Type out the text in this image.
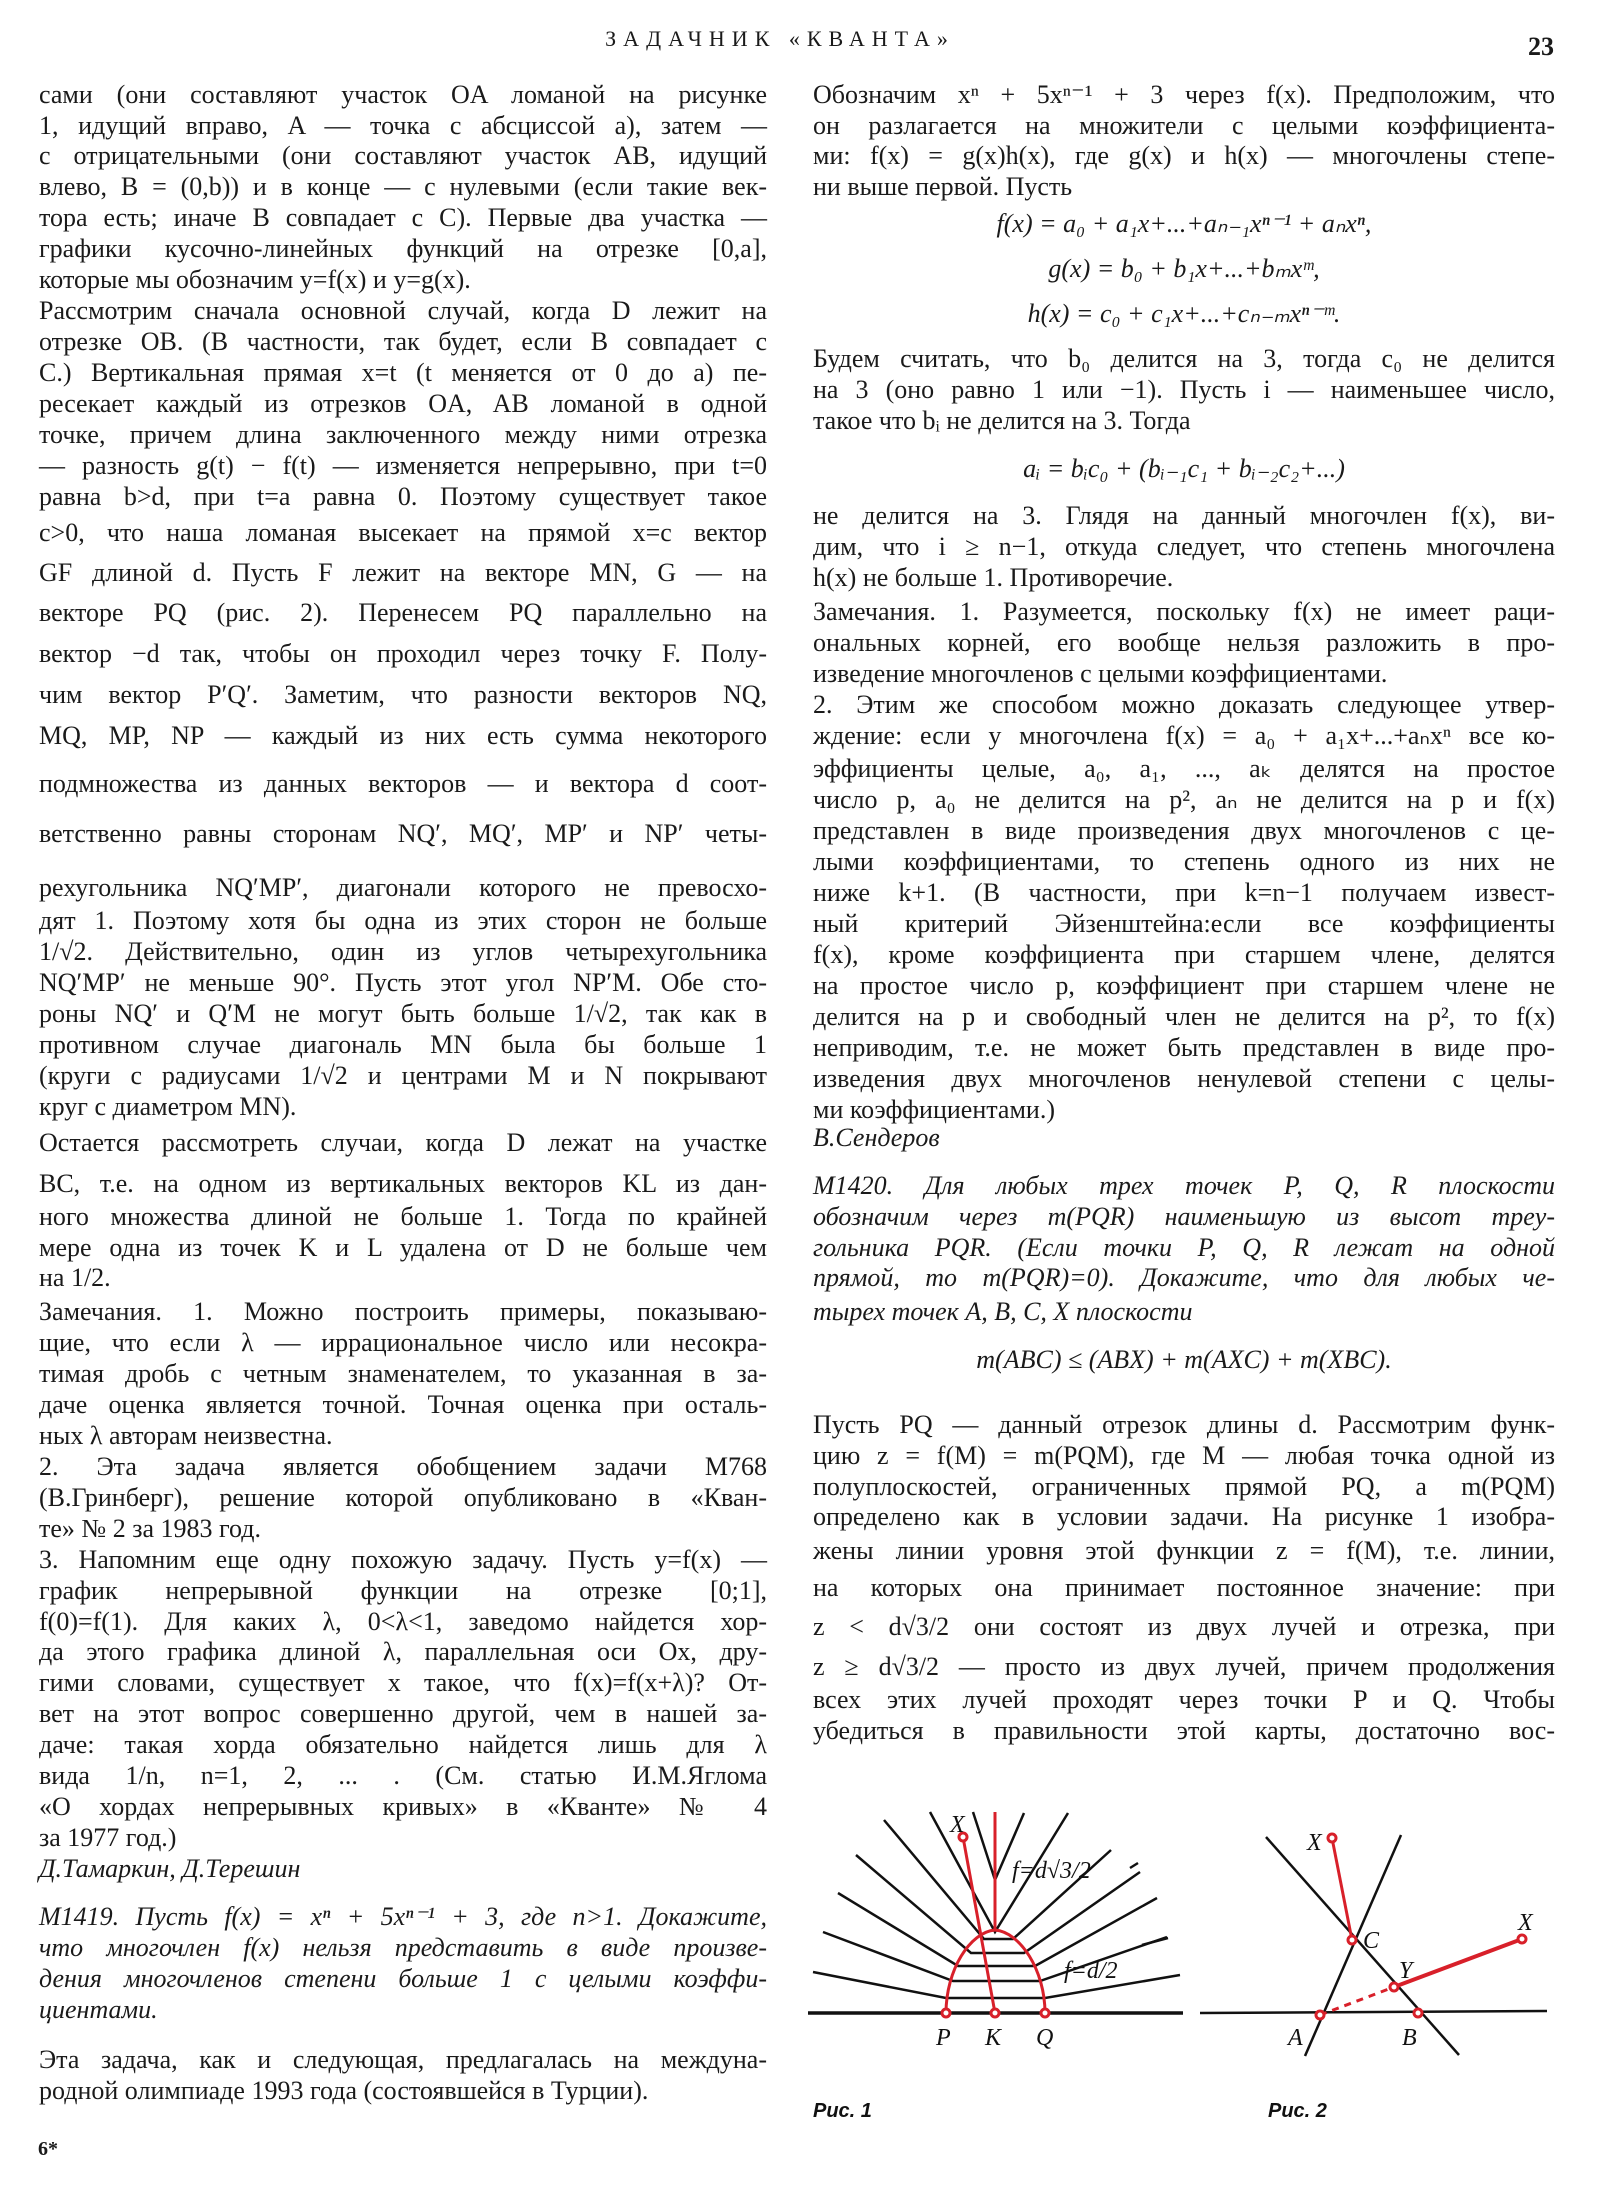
ЗАДАЧНИК «КВАНТА»	23
6*
сами (они составляют участок OA ломаной на рисунке
1, идущий вправо, A — точка с абсциссой a), затем —
с отрицательными (они составляют участок AB, идущий
влево, B = (0,b)) и в конце — с нулевыми (если такие век-
тора есть; иначе B совпадает с C). Первые два участка —
графики кусочно-линейных функций на отрезке [0,a],
которые мы обозначим y=f(x) и y=g(x).
Рассмотрим сначала основной случай, когда D лежит на
отрезке OB. (В частности, так будет, если B совпадает с
C.) Вертикальная прямая x=t (t меняется от 0 до a) пе-
ресекает каждый из отрезков OA, AB ломаной в одной
точке, причем длина заключенного между ними отрезка
— разность g(t) − f(t) — изменяется непрерывно, при t=0
равна b>d, при t=a равна 0. Поэтому существует такое
c>0, что наша ломаная высекает на прямой x=c вектор
GF длиной d. Пусть F лежит на векторе MN, G — на
векторе PQ (рис. 2). Перенесем PQ параллельно на
вектор −d так, чтобы он проходил через точку F. Полу-
чим вектор P′Q′. Заметим, что разности векторов NQ,
MQ, MP, NP — каждый из них есть сумма некоторого
подмножества из данных векторов — и вектора d соот-
ветственно равны сторонам NQ′, MQ′, MP′ и NP′ четы-
рехугольника NQ′MP′, диагонали которого не превосхо-
дят 1. Поэтому хотя бы одна из этих сторон не больше
1/√2. Действительно, один из углов четырехугольника
NQ′MP′ не меньше 90°. Пусть этот угол NP′M. Обе сто-
роны NQ′ и Q′M не могут быть больше 1/√2, так как в
противном случае диагональ MN была бы больше 1
(круги с радиусами 1/√2 и центрами M и N покрывают
круг с диаметром MN).
Остается рассмотреть случаи, когда D лежат на участке
BC, т.е. на одном из вертикальных векторов KL из дан-
ного множества длиной не больше 1. Тогда по крайней
мере одна из точек K и L удалена от D не больше чем
на 1/2.
Замечания. 1. Можно построить примеры, показываю-
щие, что если λ — иррациональное число или несокра-
тимая дробь с четным знаменателем, то указанная в за-
даче оценка является точной. Точная оценка при осталь-
ных λ авторам неизвестна.
2. Эта задача является обобщением задачи М768
(В.Гринберг), решение которой опубликовано в «Кван-
те» № 2 за 1983 год.
3. Напомним еще одну похожую задачу. Пусть y=f(x) —
график непрерывной функции на отрезке [0;1],
f(0)=f(1). Для каких λ, 0<λ<1, заведомо найдется хор-
да этого графика длиной λ, параллельная оси Ox, дру-
гими словами, существует x такое, что f(x)=f(x+λ)? От-
вет на этот вопрос совершенно другой, чем в нашей за-
даче: такая хорда обязательно найдется лишь для λ
вида 1/n, n=1, 2, ... . (См. статью И.М.Яглома
«О хордах непрерывных кривых» в «Кванте» № 4
за 1977 год.)
Д.Тамаркин, Д.Терешин
М1419. Пусть f(x) = xⁿ + 5xⁿ⁻¹ + 3, где n>1. Докажите,
что многочлен f(x) нельзя представить в виде произве-
дения многочленов степени больше 1 с целыми коэффи-
циентами.
Эта задача, как и следующая, предлагалась на междуна-
родной олимпиаде 1993 года (состоявшейся в Турции).
Обозначим xⁿ + 5xⁿ⁻¹ + 3 через f(x). Предположим, что
он разлагается на множители с целыми коэффициента-
ми: f(x) = g(x)h(x), где g(x) и h(x) — многочлены степе-
ни выше первой. Пусть
f(x) = a₀ + a₁x+...+aₙ₋₁xⁿ⁻¹ + aₙxⁿ,
g(x) = b₀ + b₁x+...+bₘxᵐ,
h(x) = c₀ + c₁x+...+cₙ₋ₘxⁿ⁻ᵐ.
Будем считать, что b₀ делится на 3, тогда c₀ не делится
на 3 (оно равно 1 или −1). Пусть i — наименьшее число,
такое что bᵢ не делится на 3. Тогда
aᵢ = bᵢc₀ + (bᵢ₋₁c₁ + bᵢ₋₂c₂+...)
не делится на 3. Глядя на данный многочлен f(x), ви-
дим, что i ≥ n−1, откуда следует, что степень многочлена
h(x) не больше 1. Противоречие.
Замечания. 1. Разумеется, поскольку f(x) не имеет раци-
ональных корней, его вообще нельзя разложить в про-
изведение многочленов с целыми коэффициентами.
2. Этим же способом можно доказать следующее утвер-
ждение: если у многочлена f(x) = a₀ + a₁x+...+aₙxⁿ все ко-
эффициенты целые, a₀, a₁, ..., aₖ делятся на простое
число p, a₀ не делится на p², aₙ не делится на p и f(x)
представлен в виде произведения двух многочленов с це-
лыми коэффициентами, то степень одного из них не
ниже k+1. (В частности, при k=n−1 получаем извест-
ный критерий Эйзенштейна:если все коэффициенты
f(x), кроме коэффициента при старшем члене, делятся
на простое число p, коэффициент при старшем члене не
делится на p и свободный член не делится на p², то f(x)
неприводим, т.е. не может быть представлен в виде про-
изведения двух многочленов ненулевой степени с целы-
ми коэффициентами.)
В.Сендеров
М1420. Для любых трех точек P, Q, R плоскости
обозначим через m(PQR) наименьшую из высот треу-
гольника PQR. (Если точки P, Q, R лежат на одной
прямой, то m(PQR)=0). Докажите, что для любых че-
тырех точек A, B, C, X плоскости
m(ABC) ≤ (ABX) + m(AXC) + m(XBC).
Пусть PQ — данный отрезок длины d. Рассмотрим функ-
цию z = f(M) = m(PQM), где M — любая точка одной из
полуплоскостей, ограниченных прямой PQ, а m(PQM)
определено как в условии задачи. На рисунке 1 изобра-
жены линии уровня этой функции z = f(M), т.е. линии,
на которых она принимает постоянное значение: при
z < d√3/2 они состоят из двух лучей и отрезка, при
z ≥ d√3/2 — просто из двух лучей, причем продолжения
всех этих лучей проходят через точки P и Q. Чтобы
убедиться в правильности этой карты, достаточно вос-
X
f=d√3/2
f=d/2
P K Q
Рис. 1
X
C
Y
X
A	B
Рис. 2
